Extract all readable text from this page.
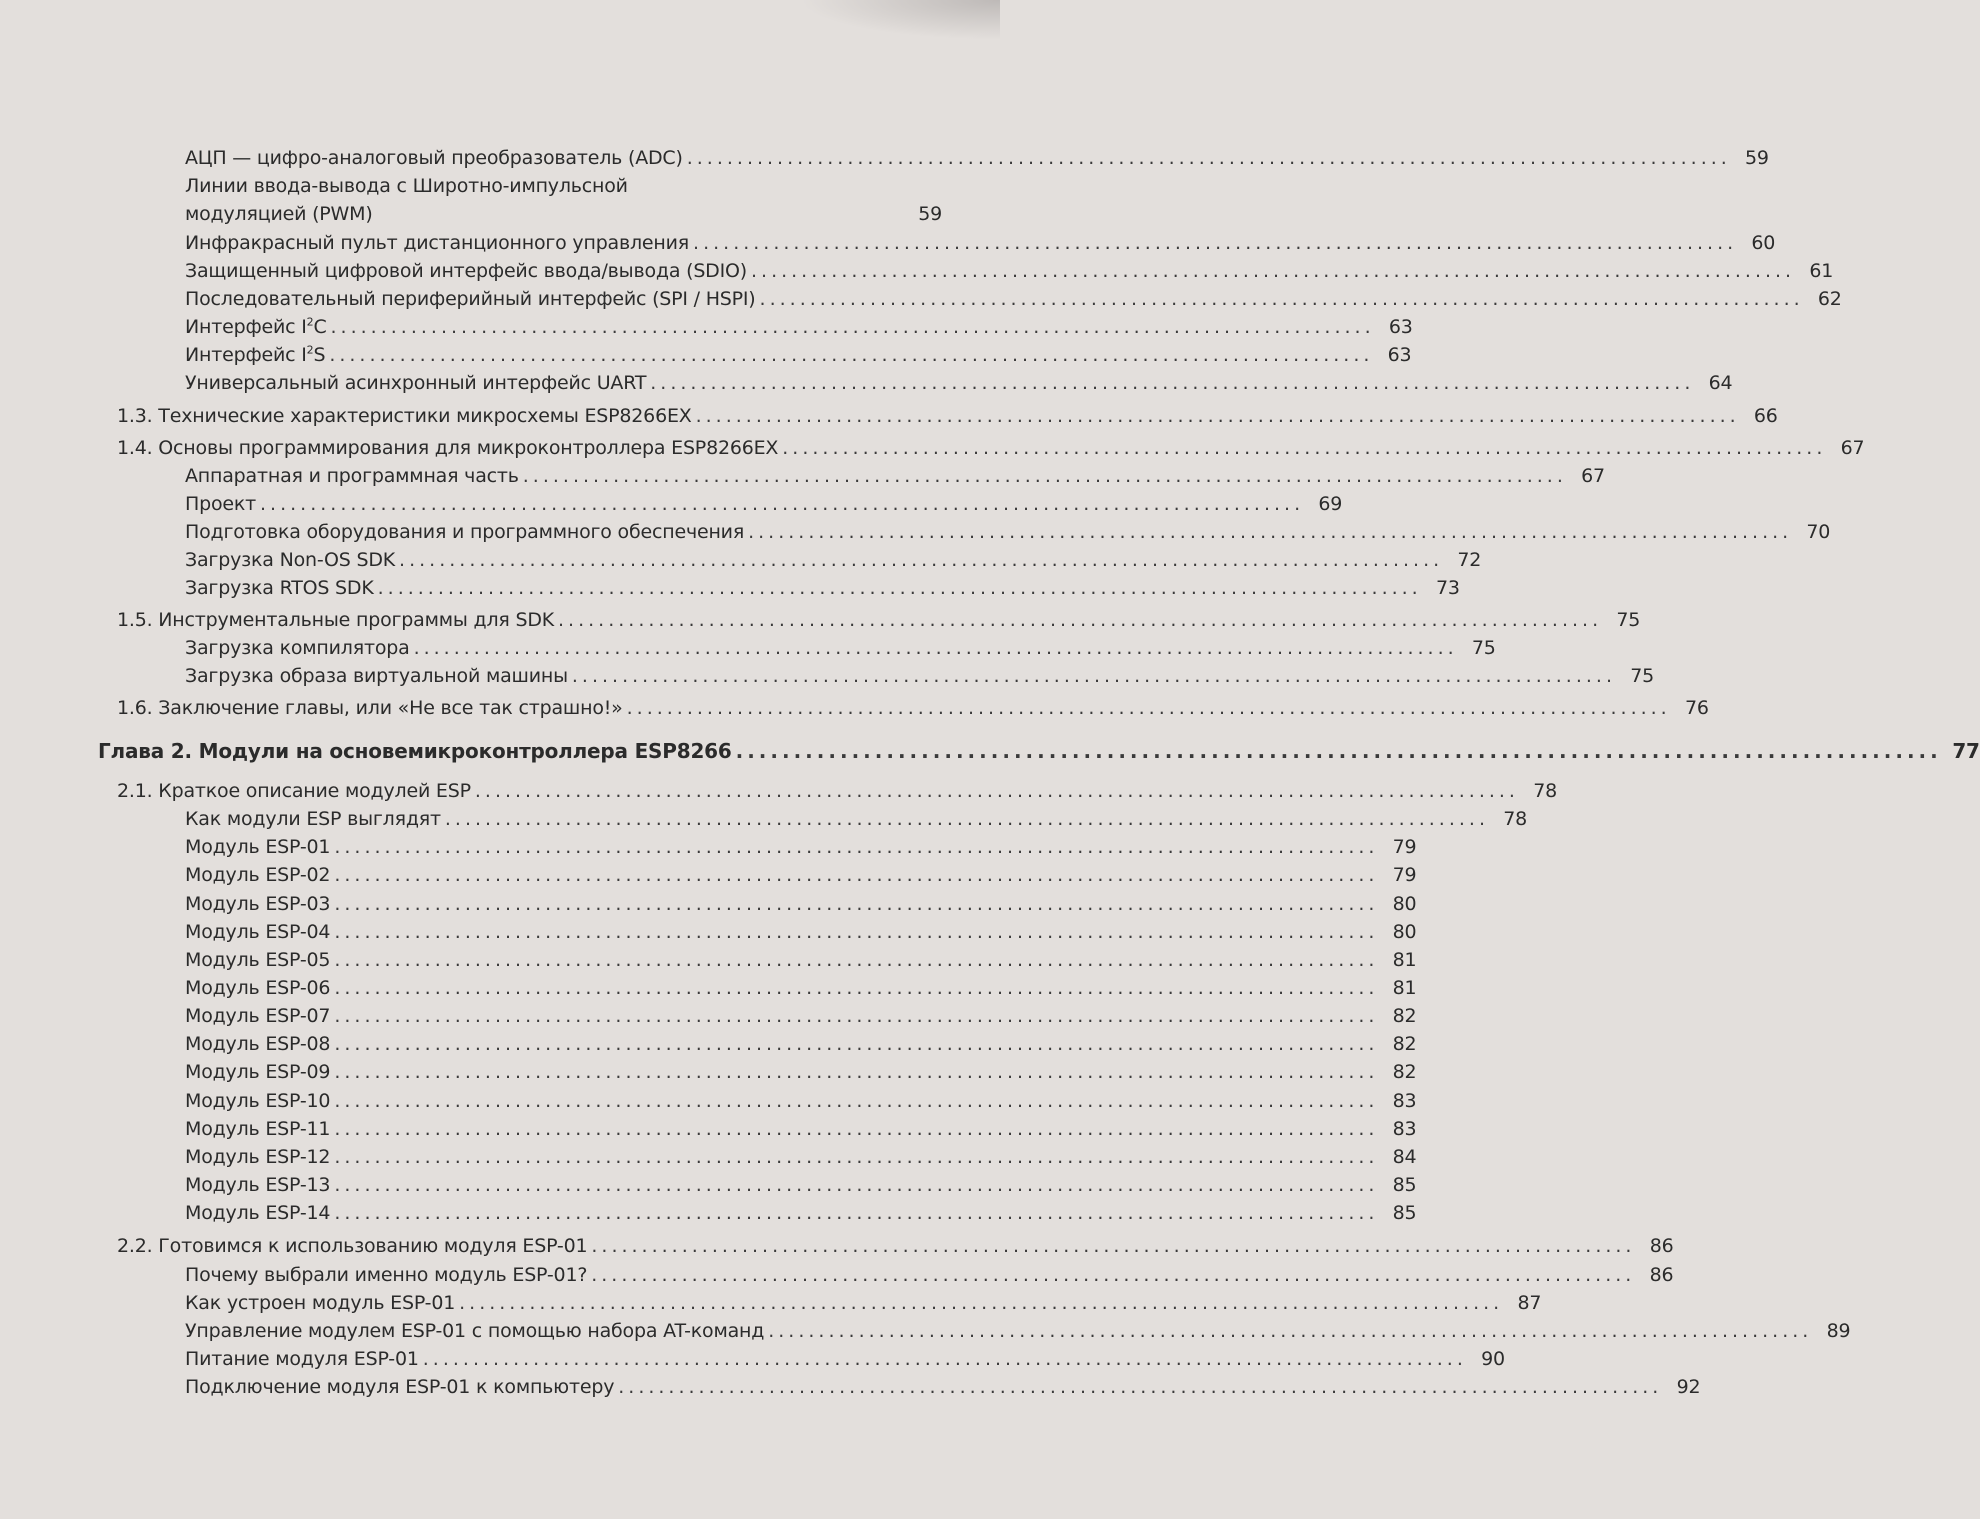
АЦП — цифро-аналоговый преобразователь (ADC) ........................................................................................................ 59
Линии ввода-вывода с Широтно-импульсной
модуляцией (PWM)	59
Инфракрасный пульт дистанционного управления ........................................................................................................ 60
Защищенный цифровой интерфейс ввода/вывода (SDIO) ........................................................................................................ 61
Последовательный периферийный интерфейс (SPI / HSPI) ........................................................................................................ 62
Интерфейс $I^2C$ ........................................................................................................ 63
Интерфейс $I^2S$ ........................................................................................................ 63
Универсальный асинхронный интерфейс UART ........................................................................................................ 64
1.3. Технические характеристики микросхемы ESP8266EX ........................................................................................................ 66
1.4. Основы программирования для микроконтроллера ESP8266EX ........................................................................................................ 67
Аппаратная и программная часть ........................................................................................................ 67
Проект ........................................................................................................ 69
Подготовка оборудования и программного обеспечения ........................................................................................................ 70
Загрузка Non-OS SDK ........................................................................................................ 72
Загрузка RTOS SDK ........................................................................................................ 73
1.5. Инструментальные программы для SDK ........................................................................................................ 75
Загрузка компилятора ........................................................................................................ 75
Загрузка образа виртуальной машины ........................................................................................................ 75
1.6. Заключение главы, или «Не все так страшно!» ........................................................................................................ 76
Глава 2. Модули на основемикроконтроллера ESP8266 ........................................................................................................ 77
2.1. Краткое описание модулей ESP ........................................................................................................ 78
Как модули ESP выглядят ........................................................................................................ 78
Модуль ESP-01 ........................................................................................................ 79
Модуль ESP-02 ........................................................................................................ 79
Модуль ESP-03 ........................................................................................................ 80
Модуль ESP-04 ........................................................................................................ 80
Модуль ESP-05 ........................................................................................................ 81
Модуль ESP-06 ........................................................................................................ 81
Модуль ESP-07 ........................................................................................................ 82
Модуль ESP-08 ........................................................................................................ 82
Модуль ESP-09 ........................................................................................................ 82
Модуль ESP-10 ........................................................................................................ 83
Модуль ESP-11 ........................................................................................................ 83
Модуль ESP-12 ........................................................................................................ 84
Модуль ESP-13 ........................................................................................................ 85
Модуль ESP-14 ........................................................................................................ 85
2.2. Готовимся к использованию модуля ESP-01 ........................................................................................................ 86
Почему выбрали именно модуль ESP-01? ........................................................................................................ 86
Как устроен модуль ESP-01 ........................................................................................................ 87
Управление модулем ESP-01 с помощью набора AT-команд ........................................................................................................ 89
Питание модуля ESP-01 ........................................................................................................ 90
Подключение модуля ESP-01 к компьютеру ........................................................................................................ 92
